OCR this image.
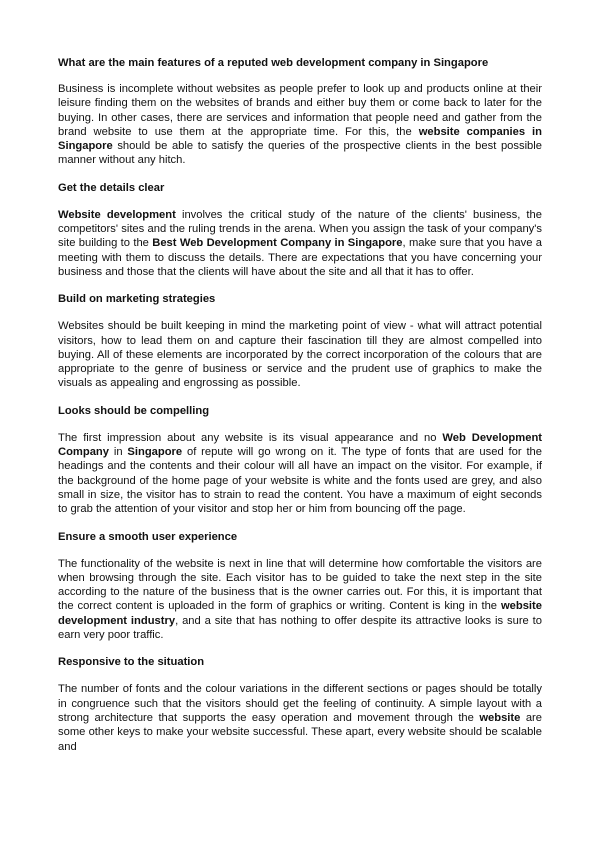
What are the main features of a reputed web development company in Singapore
Business is incomplete without websites as people prefer to look up and products online at their leisure finding them on the websites of brands and either buy them or come back to later for the buying. In other cases, there are services and information that people need and gather from the brand website to use them at the appropriate time. For this, the website companies in Singapore should be able to satisfy the queries of the prospective clients in the best possible manner without any hitch.
Get the details clear
Website development involves the critical study of the nature of the clients' business, the competitors' sites and the ruling trends in the arena. When you assign the task of your company's site building to the Best Web Development Company in Singapore, make sure that you have a meeting with them to discuss the details. There are expectations that you have concerning your business and those that the clients will have about the site and all that it has to offer.
Build on marketing strategies
Websites should be built keeping in mind the marketing point of view - what will attract potential visitors, how to lead them on and capture their fascination till they are almost compelled into buying. All of these elements are incorporated by the correct incorporation of the colours that are appropriate to the genre of business or service and the prudent use of graphics to make the visuals as appealing and engrossing as possible.
Looks should be compelling
The first impression about any website is its visual appearance and no Web Development Company in Singapore of repute will go wrong on it. The type of fonts that are used for the headings and the contents and their colour will all have an impact on the visitor. For example, if the background of the home page of your website is white and the fonts used are grey, and also small in size, the visitor has to strain to read the content. You have a maximum of eight seconds to grab the attention of your visitor and stop her or him from bouncing off the page.
Ensure a smooth user experience
The functionality of the website is next in line that will determine how comfortable the visitors are when browsing through the site. Each visitor has to be guided to take the next step in the site according to the nature of the business that is the owner carries out. For this, it is important that the correct content is uploaded in the form of graphics or writing. Content is king in the website development industry, and a site that has nothing to offer despite its attractive looks is sure to earn very poor traffic.
Responsive to the situation
The number of fonts and the colour variations in the different sections or pages should be totally in congruence such that the visitors should get the feeling of continuity. A simple layout with a strong architecture that supports the easy operation and movement through the website are some other keys to make your website successful. These apart, every website should be scalable and
